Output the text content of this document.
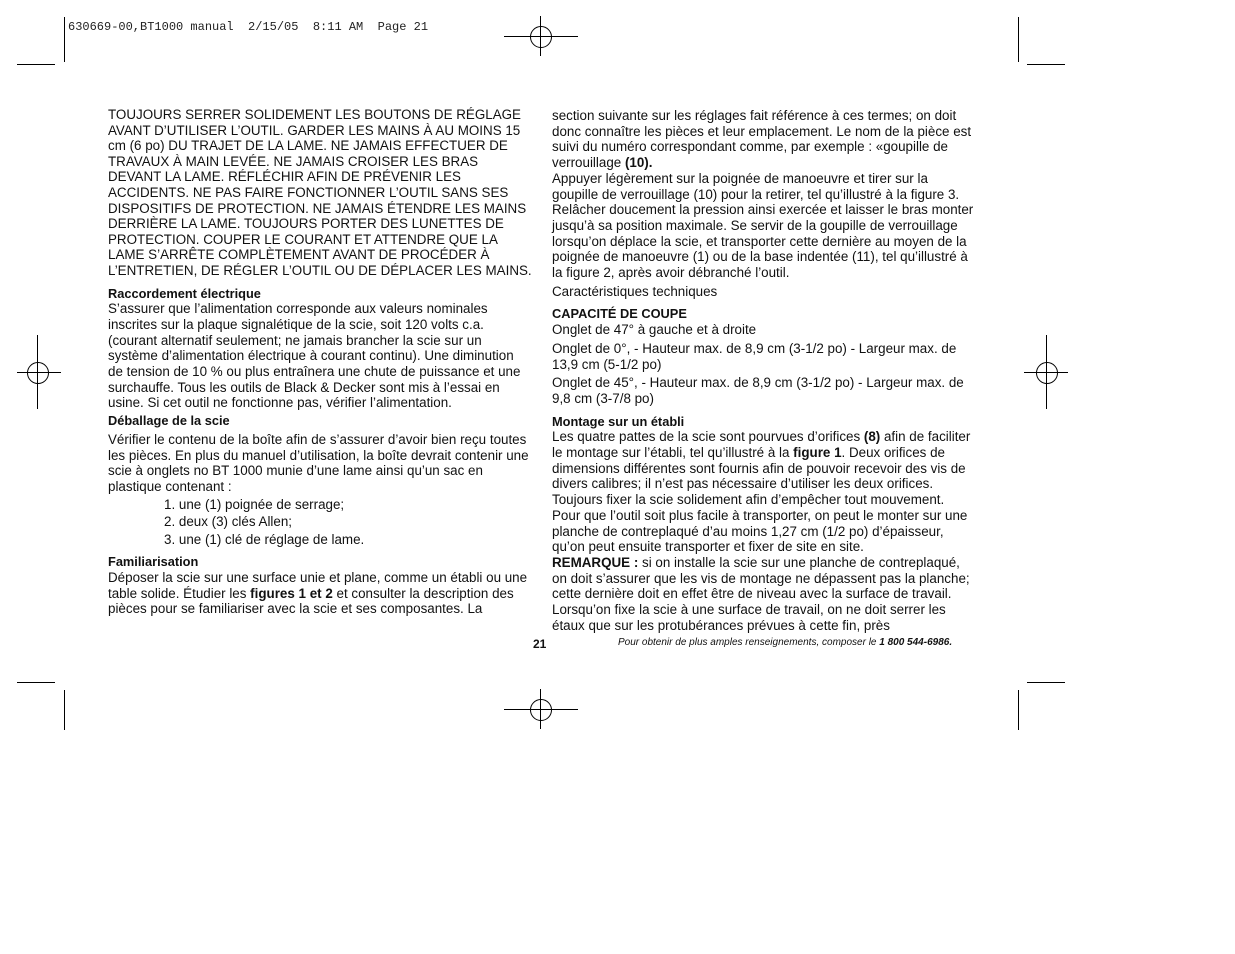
630669-00,BT1000 manual  2/15/05  8:11 AM  Page 21

TOUJOURS SERRER SOLIDEMENT LES BOUTONS DE RÉGLAGE AVANT D’UTILISER L’OUTIL. GARDER LES MAINS À AU MOINS 15 cm (6 po) DU TRAJET DE LA LAME. NE JAMAIS EFFECTUER DE TRAVAUX À MAIN LEVÉE. NE JAMAIS CROISER LES BRAS DEVANT LA LAME. RÉFLÉCHIR AFIN DE PRÉVENIR LES ACCIDENTS. NE PAS FAIRE FONCTIONNER L’OUTIL SANS SES DISPOSITIFS DE PROTECTION. NE JAMAIS ÉTENDRE LES MAINS DERRIÈRE LA LAME. TOUJOURS PORTER DES LUNETTES DE PROTECTION. COUPER LE COURANT ET ATTENDRE QUE LA LAME S’ARRÊTE COMPLÈTEMENT AVANT DE PROCÉDER À L’ENTRETIEN, DE RÉGLER L’OUTIL OU DE DÉPLACER LES MAINS.

Raccordement électrique

S’assurer que l’alimentation corresponde aux valeurs nominales inscrites sur la plaque signalétique de la scie, soit 120 volts c.a. (courant alternatif seulement; ne jamais brancher la scie sur un système d’alimentation électrique à courant continu). Une diminution de tension de 10 % ou plus entraînera une chute de puissance et une surchauffe. Tous les outils de Black & Decker sont mis à l’essai en usine. Si cet outil ne fonctionne pas, vérifier l’alimentation.

Déballage de la scie

Vérifier le contenu de la boîte afin de s’assurer d’avoir bien reçu toutes les pièces. En plus du manuel d’utilisation, la boîte devrait contenir une scie à onglets no BT 1000 munie d’une lame ainsi qu’un sac en plastique contenant :

1. une (1) poignée de serrage;
2. deux (3) clés Allen;
3. une (1) clé de réglage de lame.

Familiarisation

Déposer la scie sur une surface unie et plane, comme un établi ou une table solide. Étudier les figures 1 et 2 et consulter la description des pièces pour se familiariser avec la scie et ses composantes. La

section suivante sur les réglages fait référence à ces termes; on doit donc connaître les pièces et leur emplacement. Le nom de la pièce est suivi du numéro correspondant comme, par exemple : «goupille de verrouillage (10).

Appuyer légèrement sur la poignée de manoeuvre et tirer sur la goupille de verrouillage (10) pour la retirer, tel qu’illustré à la figure 3. Relâcher doucement la pression ainsi exercée et laisser le bras monter jusqu’à sa position maximale. Se servir de la goupille de verrouillage lorsqu’on déplace la scie, et transporter cette dernière au moyen de la poignée de manoeuvre (1) ou de la base indentée (11), tel qu’illustré à la figure 2, après avoir débranché l’outil.

Caractéristiques techniques

CAPACITÉ DE COUPE

Onglet de 47° à gauche et à droite

Onglet de 0°, - Hauteur max. de 8,9 cm (3-1/2 po) - Largeur max. de 13,9 cm (5-1/2 po)

Onglet de 45°, - Hauteur max. de 8,9 cm (3-1/2 po) - Largeur max. de 9,8 cm (3-7/8 po)

Montage sur un établi

Les quatre pattes de la scie sont pourvues d’orifices (8) afin de faciliter le montage sur l’établi, tel qu’illustré à la figure 1. Deux orifices de dimensions différentes sont fournis afin de pouvoir recevoir des vis de divers calibres; il n’est pas nécessaire d’utiliser les deux orifices. Toujours fixer la scie solidement afin d’empêcher tout mouvement. Pour que l’outil soit plus facile à transporter, on peut le monter sur une planche de contreplaqué d’au moins 1,27 cm (1/2 po) d’épaisseur, qu’on peut ensuite transporter et fixer de site en site.

REMARQUE : si on installe la scie sur une planche de contreplaqué, on doit s’assurer que les vis de montage ne dépassent pas la planche; cette dernière doit en effet être de niveau avec la surface de travail. Lorsqu’on fixe la scie à une surface de travail, on ne doit serrer les étaux que sur les protubérances prévues à cette fin, près

21	Pour obtenir de plus amples renseignements, composer le 1 800 544-6986.
